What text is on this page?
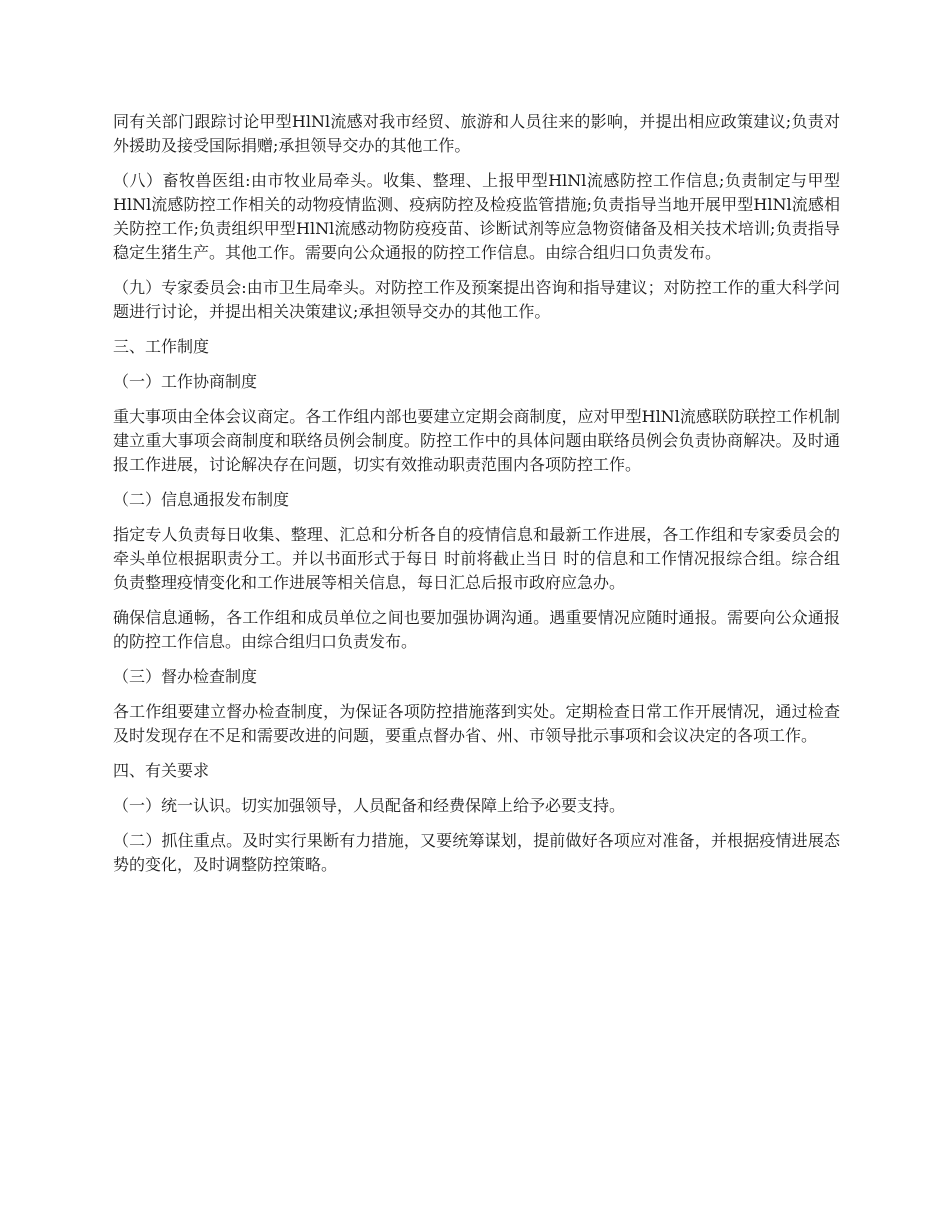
同有关部门跟踪讨论甲型HlNl流感对我市经贸、旅游和人员往来的影响，并提出相应政策建议;负责对外援助及接受国际捐赠;承担领导交办的其他工作。

（八）畜牧兽医组:由市牧业局牵头。收集、整理、上报甲型HlNl流感防控工作信息;负责制定与甲型HlNl流感防控工作相关的动物疫情监测、疫病防控及检疫监管措施;负责指导当地开展甲型HlNl流感相关防控工作;负责组织甲型HlNl流感动物防疫疫苗、诊断试剂等应急物资储备及相关技术培训;负责指导稳定生猪生产。其他工作。需要向公众通报的防控工作信息。由综合组归口负责发布。

（九）专家委员会:由市卫生局牵头。对防控工作及预案提出咨询和指导建议；对防控工作的重大科学问题进行讨论，并提出相关决策建议;承担领导交办的其他工作。

三、工作制度

（一）工作协商制度

重大事项由全体会议商定。各工作组内部也要建立定期会商制度，应对甲型HlNl流感联防联控工作机制建立重大事项会商制度和联络员例会制度。防控工作中的具体问题由联络员例会负责协商解决。及时通报工作进展，讨论解决存在问题，切实有效推动职责范围内各项防控工作。

（二）信息通报发布制度

指定专人负责每日收集、整理、汇总和分析各自的疫情信息和最新工作进展，各工作组和专家委员会的牵头单位根据职责分工。并以书面形式于每日 时前将截止当日 时的信息和工作情况报综合组。综合组负责整理疫情变化和工作进展等相关信息，每日汇总后报市政府应急办。

确保信息通畅，各工作组和成员单位之间也要加强协调沟通。遇重要情况应随时通报。需要向公众通报的防控工作信息。由综合组归口负责发布。

（三）督办检查制度

各工作组要建立督办检查制度，为保证各项防控措施落到实处。定期检查日常工作开展情况，通过检查及时发现存在不足和需要改进的问题，要重点督办省、州、市领导批示事项和会议决定的各项工作。

四、有关要求

（一）统一认识。切实加强领导，人员配备和经费保障上给予必要支持。

（二）抓住重点。及时实行果断有力措施，又要统筹谋划，提前做好各项应对准备，并根据疫情进展态势的变化，及时调整防控策略。
